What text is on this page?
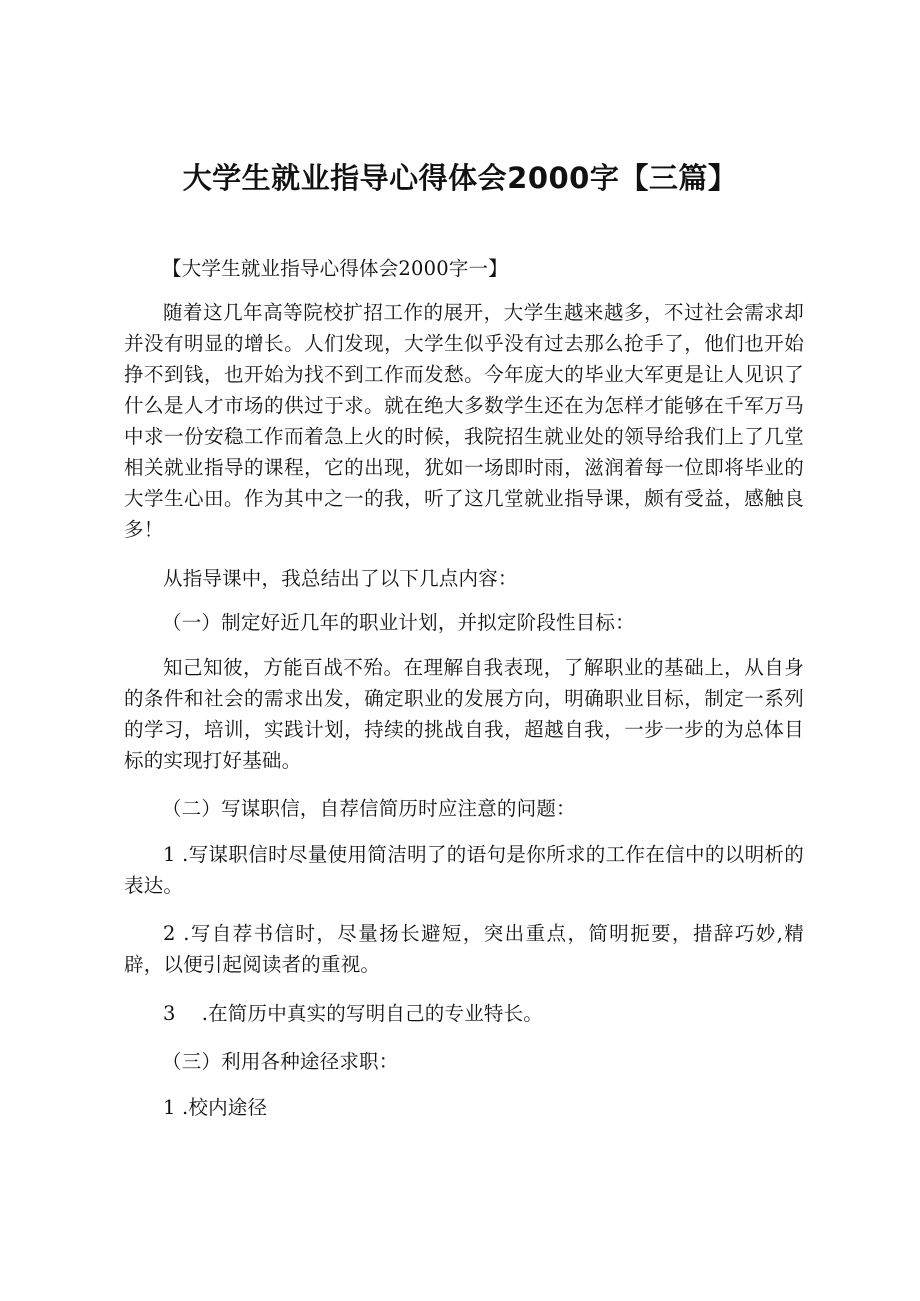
大学生就业指导心得体会2000字【三篇】

【大学生就业指导心得体会2000字一】

随着这几年高等院校扩招工作的展开，大学生越来越多，不过社会需求却并没有明显的增长。人们发现，大学生似乎没有过去那么抢手了，他们也开始挣不到钱，也开始为找不到工作而发愁。今年庞大的毕业大军更是让人见识了什么是人才市场的供过于求。就在绝大多数学生还在为怎样才能够在千军万马中求一份安稳工作而着急上火的时候，我院招生就业处的领导给我们上了几堂相关就业指导的课程，它的出现，犹如一场即时雨，滋润着每一位即将毕业的大学生心田。作为其中之一的我，听了这几堂就业指导课，颇有受益，感触良多！

从指导课中，我总结出了以下几点内容：

（一）制定好近几年的职业计划，并拟定阶段性目标：

知己知彼，方能百战不殆。在理解自我表现，了解职业的基础上，从自身的条件和社会的需求出发，确定职业的发展方向，明确职业目标，制定一系列的学习，培训，实践计划，持续的挑战自我，超越自我，一步一步的为总体目标的实现打好基础。

（二）写谋职信，自荐信简历时应注意的问题：

1 .写谋职信时尽量使用简洁明了的语句是你所求的工作在信中的以明析的表达。

2 .写自荐书信时，尽量扬长避短，突出重点，简明扼要，措辞巧妙,精辟，以便引起阅读者的重视。

3　 .在简历中真实的写明自己的专业特长。

（三）利用各种途径求职：

1 .校内途径
